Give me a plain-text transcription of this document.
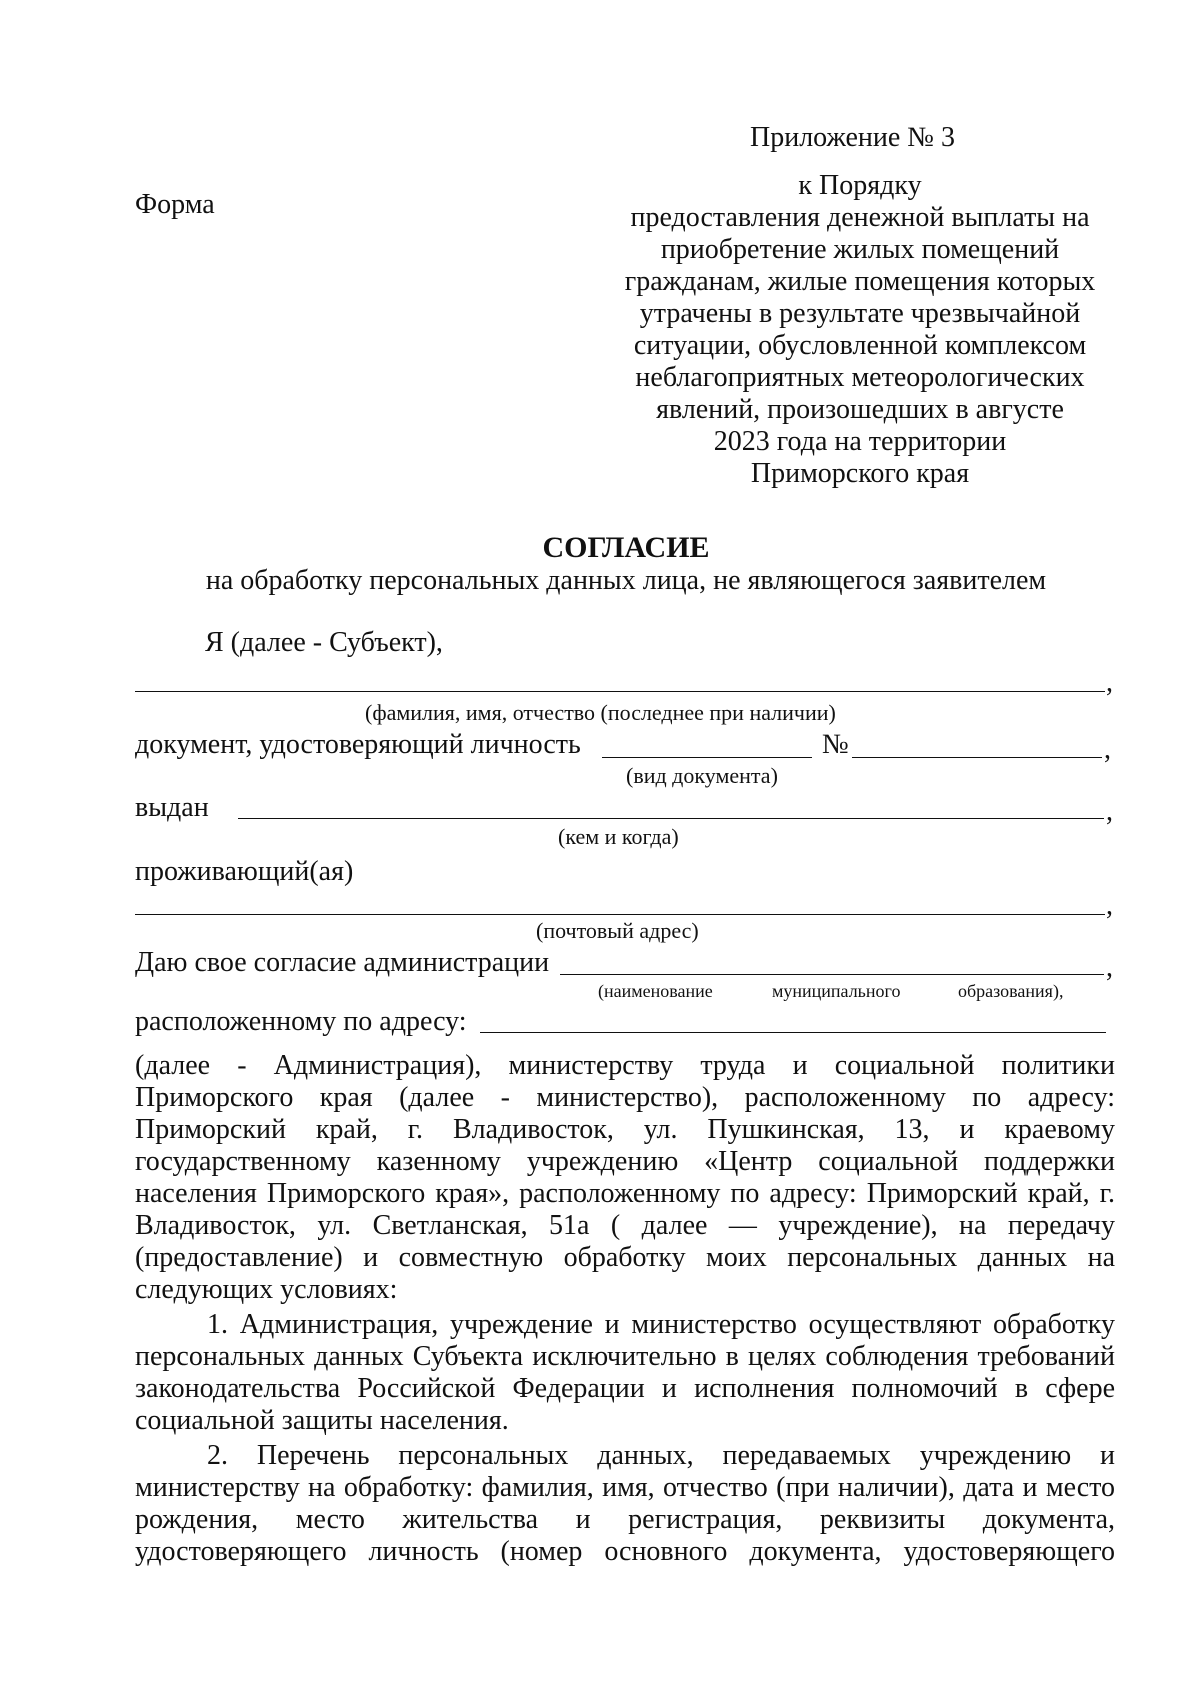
Приложение № 3
Форма
к Порядку
предоставления денежной выплаты на
приобретение жилых помещений
гражданам, жилые помещения которых
утрачены в результате чрезвычайной
ситуации, обусловленной комплексом
неблагоприятных метеорологических
явлений, произошедших в августе
2023 года на территории
Приморского края
СОГЛАСИЕ
на обработку персональных данных лица, не являющегося заявителем
Я (далее - Субъект),
,
(фамилия, имя, отчество (последнее при наличии)
документ, удостоверяющий личность	№	,
(вид документа)
выдан	,
(кем и когда)
проживающий(ая)
,
(почтовый адрес)
Даю свое согласие администрации	,
(наименование	муниципального	образования),
расположенному по адресу:

(далее - Администрация), министерству труда и социальной политики Приморского края (далее - министерство), расположенному по адресу: Приморский край, г. Владивосток, ул. Пушкинская, 13, и краевому государственному казенному учреждению «Центр социальной поддержки населения Приморского края», расположенному по адресу: Приморский край, г. Владивосток, ул. Светланская, 51а ( далее — учреждение), на передачу (предоставление) и совместную обработку моих персональных данных на следующих условиях:

1. Администрация, учреждение и министерство осуществляют обработку персональных данных Субъекта исключительно в целях соблюдения требований законодательства Российской Федерации и исполнения полномочий в сфере социальной защиты населения.

2. Перечень персональных данных, передаваемых учреждению и министерству на обработку: фамилия, имя, отчество (при наличии), дата и место рождения, место жительства и регистрация, реквизиты документа, удостоверяющего личность (номер основного документа, удостоверяющего
